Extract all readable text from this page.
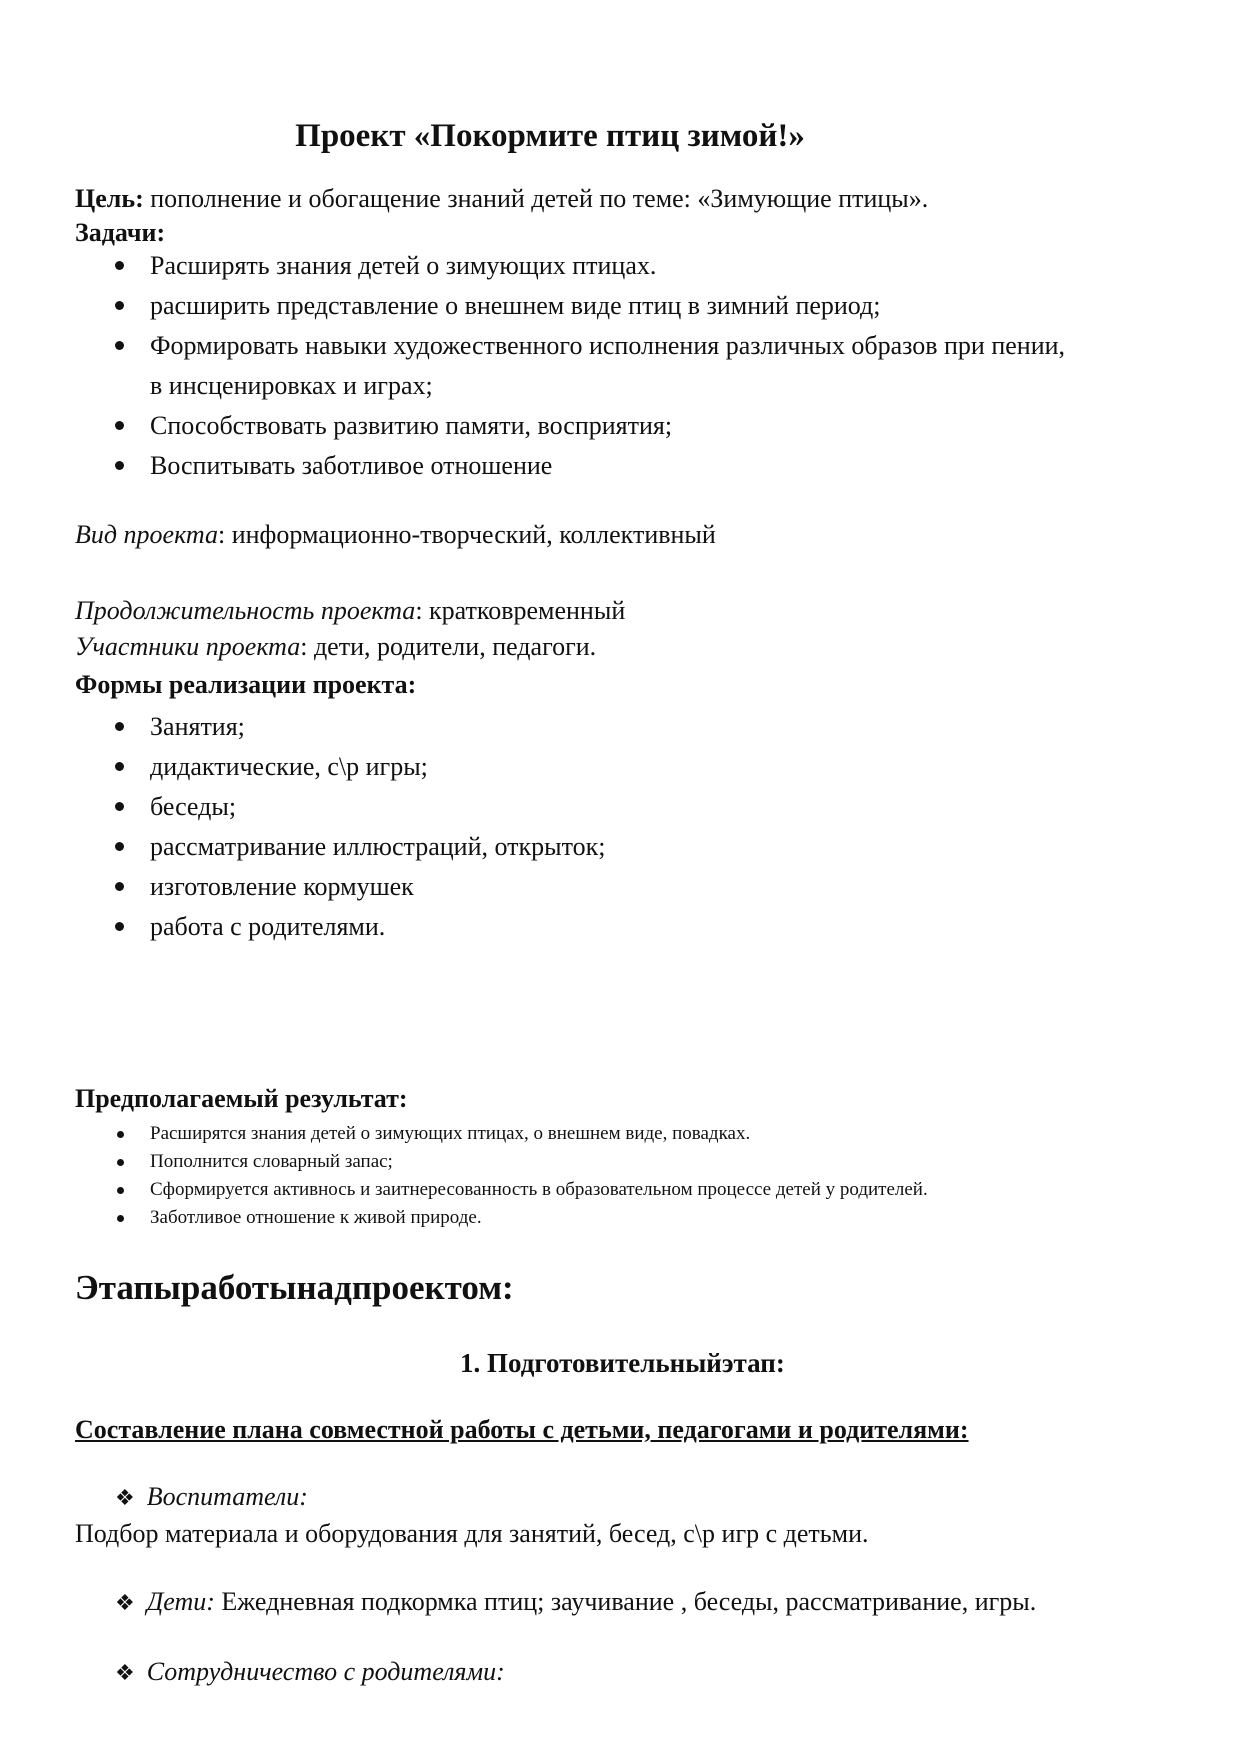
Проект «Покормите птиц зимой!»

Цель: пополнение и обогащение знаний детей по теме: «Зимующие птицы».

Задачи:

Расширять знания детей о зимующих птицах.
расширить представление о внешнем виде птиц в зимний период;
Формировать навыки художественного исполнения различных образов при пении, в инсценировках и играх;
Способствовать развитию памяти, восприятия;
Воспитывать заботливое отношение

Вид проекта: информационно-творческий, коллективный

Продолжительность проекта: кратковременный

Участники проекта: дети, родители, педагоги.

Формы реализации проекта:

Занятия;
дидактические, с\р игры;
беседы;
рассматривание иллюстраций, открыток;
изготовление кормушек
работа с родителями.

Предполагаемый результат:

Расширятся знания детей о зимующих птицах, о внешнем виде, повадках.
Пополнится словарный запас;
Сформируется активнось и заитнересованность в образовательном процессе детей у родителей.
Заботливое отношение к живой природе.
Этапыработынадпроектом:

1. Подготовительныйэтап:

Составление плана совместной работы с детьми, педагогами и родителями:

❖ Воспитатели:

Подбор материала и оборудования для занятий, бесед, с\р игр с детьми.

❖ Дети: Ежедневная подкормка птиц; заучивание , беседы, рассматривание, игры.

❖ Сотрудничество с родителями:
